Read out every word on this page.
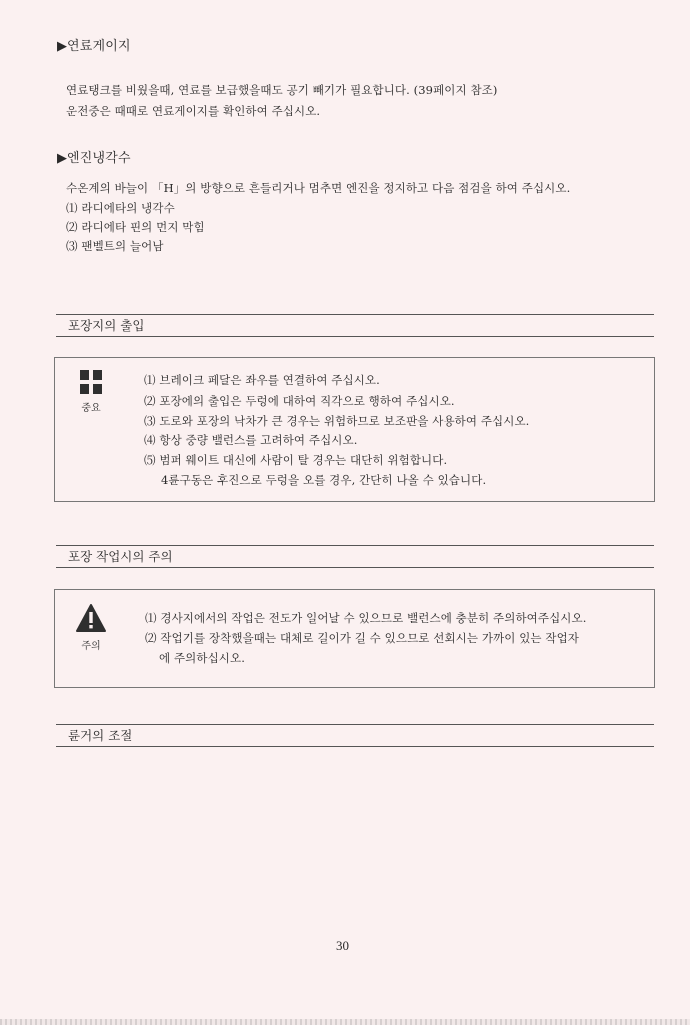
▶연료게이지
연료탱크를 비웠을때, 연료를 보급했을때도 공기 빼기가 필요합니다. (39페이지 참조)
운전중은 때때로 연료게이지를 확인하여 주십시오.
▶엔진냉각수
수온계의 바늘이 「H」의 방향으로 흔들리거나 멈추면 엔진을 정지하고 다음 점검을 하여 주십시오.
⑴ 라디에타의 냉각수
⑵ 라디에타 핀의 먼지 막힘
⑶ 팬벨트의 늘어남
포장지의 출입
중요
⑴ 브레이크 페달은 좌우를 연결하여 주십시오.
⑵ 포장에의 출입은 두렁에 대하여 직각으로 행하여 주십시오.
⑶ 도로와 포장의 낙차가 큰 경우는 위험하므로 보조판을 사용하여 주십시오.
⑷ 항상 중량 밸런스를 고려하여 주십시오.
⑸ 범퍼 웨이트 대신에 사람이 탈 경우는 대단히 위험합니다.
4륜구동은 후진으로 두렁을 오를 경우, 간단히 나올 수 있습니다.
포장 작업시의 주의
주의
⑴ 경사지에서의 작업은 전도가 일어날 수 있으므로 밸런스에 충분히 주의하여주십시오.
⑵ 작업기를 장착했을때는 대체로 길이가 길 수 있으므로 선회시는 가까이 있는 작업자
에 주의하십시오.
륜거의 조절
30
